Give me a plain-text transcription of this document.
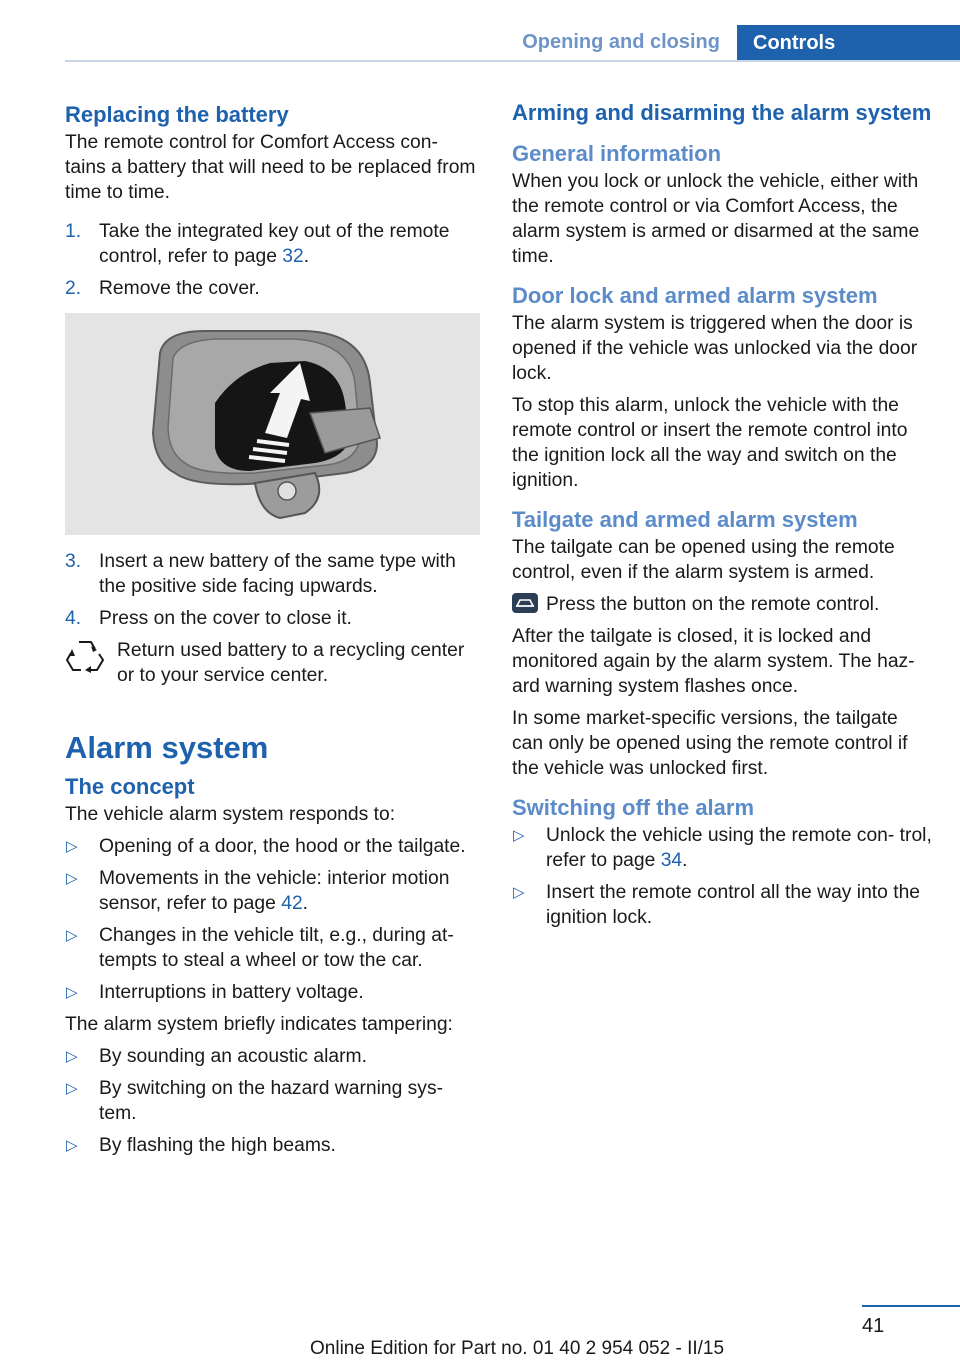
Opening and closing	Controls
Replacing the battery

The remote control for Comfort Access con‐ tains a battery that will need to be replaced from time to time.

1. Take the integrated key out of the remote control, refer to page 32.
2. Remove the cover.
3. Insert a new battery of the same type with the positive side facing upwards.
4. Press on the cover to close it.
Return used battery to a recycling center or to your service center.
Alarm system
The concept

The vehicle alarm system responds to:

▷ Opening of a door, the hood or the tailgate.
▷ Movements in the vehicle: interior motion sensor, refer to page 42.
▷ Changes in the vehicle tilt, e.g., during at‐ tempts to steal a wheel or tow the car.
▷ Interruptions in battery voltage.

The alarm system briefly indicates tampering:

▷ By sounding an acoustic alarm.
▷ By switching on the hazard warning sys‐ tem.
▷ By flashing the high beams.
Arming and disarming the alarm system
General information

When you lock or unlock the vehicle, either with the remote control or via Comfort Access, the alarm system is armed or disarmed at the same time.

Door lock and armed alarm system

The alarm system is triggered when the door is opened if the vehicle was unlocked via the door lock.

To stop this alarm, unlock the vehicle with the remote control or insert the remote control into the ignition lock all the way and switch on the ignition.

Tailgate and armed alarm system

The tailgate can be opened using the remote control, even if the alarm system is armed.

Press the button on the remote control.

After the tailgate is closed, it is locked and monitored again by the alarm system. The haz‐ ard warning system flashes once.

In some market-specific versions, the tailgate can only be opened using the remote control if the vehicle was unlocked first.

Switching off the alarm
▷ Unlock the vehicle using the remote con‐ trol, refer to page 34.
▷ Insert the remote control all the way into the ignition lock.
41
Online Edition for Part no. 01 40 2 954 052 - II/15
